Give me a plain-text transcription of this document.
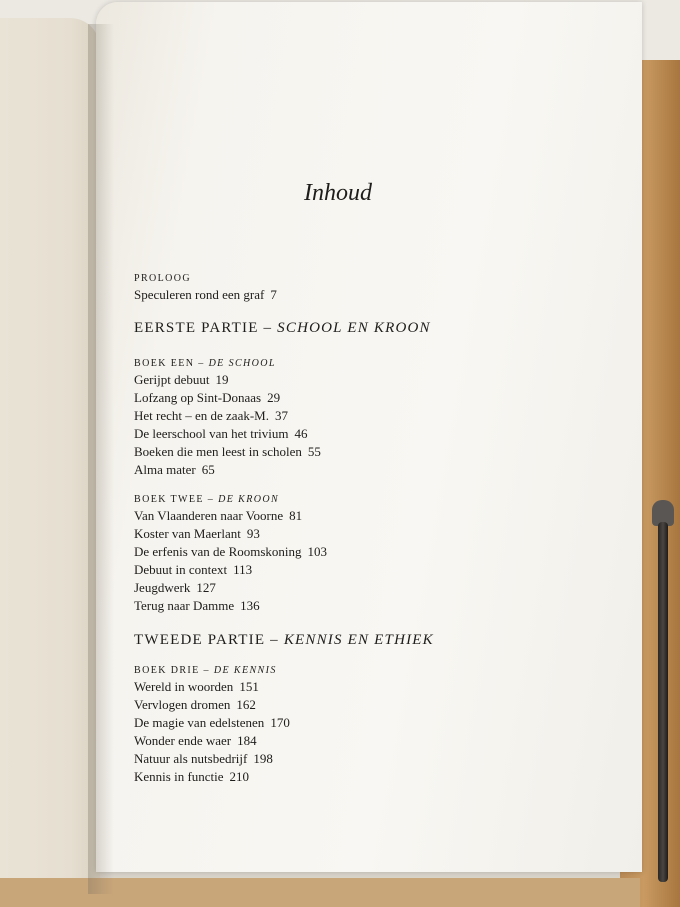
Inhoud
PROLOOG
Speculeren rond een graf 7
EERSTE PARTIE – SCHOOL EN KROON
BOEK EEN – DE SCHOOL
Gerijpt debuut 19
Lofzang op Sint-Donaas 29
Het recht – en de zaak-M. 37
De leerschool van het trivium 46
Boeken die men leest in scholen 55
Alma mater 65
BOEK TWEE – DE KROON
Van Vlaanderen naar Voorne 81
Koster van Maerlant 93
De erfenis van de Roomskoning 103
Debuut in context 113
Jeugdwerk 127
Terug naar Damme 136
TWEEDE PARTIE – KENNIS EN ETHIEK
BOEK DRIE – DE KENNIS
Wereld in woorden 151
Vervlogen dromen 162
De magie van edelstenen 170
Wonder ende waer 184
Natuur als nutsbedrijf 198
Kennis in functie 210
